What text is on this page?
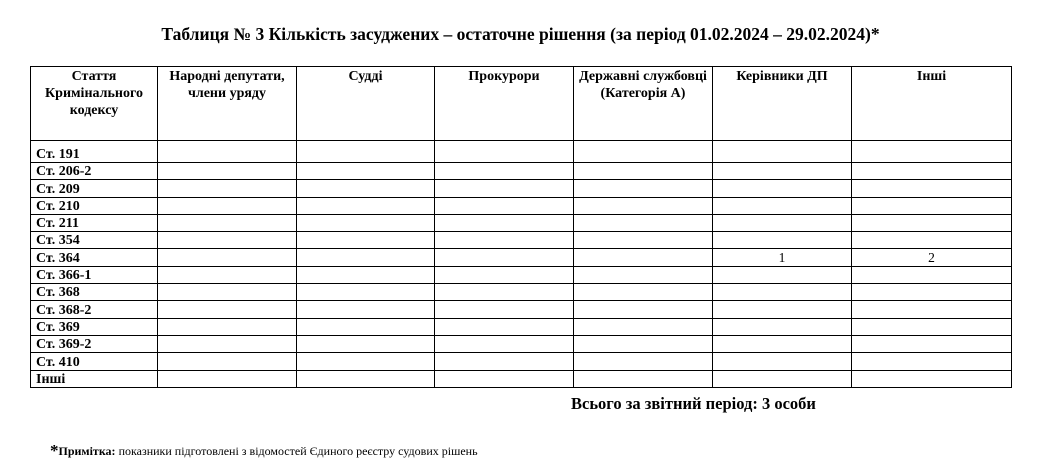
Таблиця № 3 Кількість засуджених – остаточне рішення (за період 01.02.2024 – 29.02.2024)*
Стаття Кримінального кодексу	Народні депутати, члени уряду	Судді	Прокурори	Державні службовці (Категорія А)	Керівники ДП	Інші
Ст. 191						
Ст. 206-2						
Ст. 209						
Ст. 210						
Ст. 211						
Ст. 354						
Ст. 364					1	2
Ст. 366-1						
Ст. 368						
Ст. 368-2						
Ст. 369						
Ст. 369-2						
Ст. 410						
Інші						
Всього за звітний період: 3 особи
*Примітка: показники підготовлені з відомостей Єдиного реєстру судових рішень
